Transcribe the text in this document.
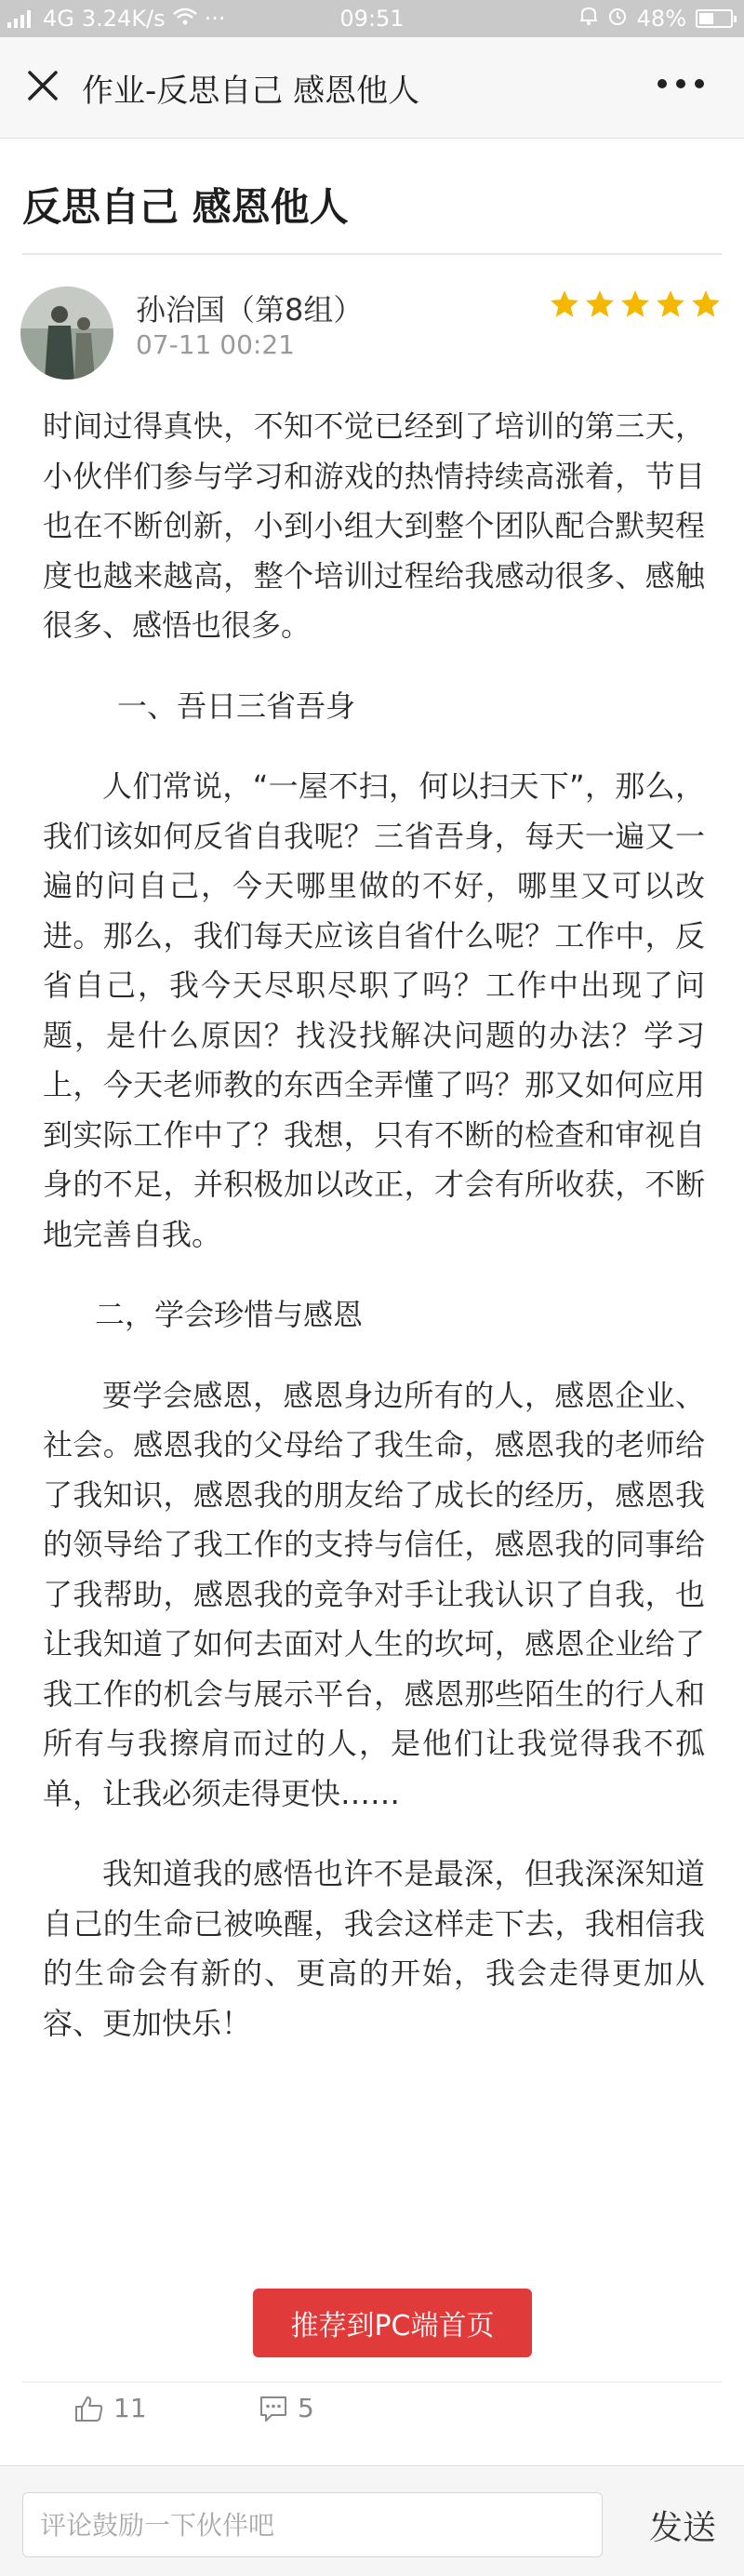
4G 3.24K/s ···	09:51	48%
作业-反思自己 感恩他人
反思自己 感恩他人
孙治国（第8组）
07-11 00:21

时间过得真快，不知不觉已经到了培训的第三天，小伙伴们参与学习和游戏的热情持续高涨着，节目也在不断创新，小到小组大到整个团队配合默契程度也越来越高，整个培训过程给我感动很多、感触很多、感悟也很多。

一、吾日三省吾身

人们常说，“一屋不扫，何以扫天下”，那么，我们该如何反省自我呢？三省吾身，每天一遍又一遍的问自己，今天哪里做的不好，哪里又可以改进。那么，我们每天应该自省什么呢？工作中，反省自己，我今天尽职尽职了吗？工作中出现了问题，是什么原因？找没找解决问题的办法？学习上，今天老师教的东西全弄懂了吗？那又如何应用到实际工作中了？我想，只有不断的检查和审视自身的不足，并积极加以改正，才会有所收获，不断地完善自我。

二，学会珍惜与感恩

要学会感恩，感恩身边所有的人，感恩企业、社会。感恩我的父母给了我生命，感恩我的老师给了我知识，感恩我的朋友给了成长的经历，感恩我的领导给了我工作的支持与信任，感恩我的同事给了我帮助，感恩我的竞争对手让我认识了自我，也让我知道了如何去面对人生的坎坷，感恩企业给了我工作的机会与展示平台，感恩那些陌生的行人和所有与我擦肩而过的人，是他们让我觉得我不孤单，让我必须走得更快……

我知道我的感悟也许不是最深，但我深深知道自己的生命已被唤醒，我会这样走下去，我相信我的生命会有新的、更高的开始，我会走得更加从容、更加快乐！

推荐到PC端首页
11	5
评论鼓励一下伙伴吧
发送
